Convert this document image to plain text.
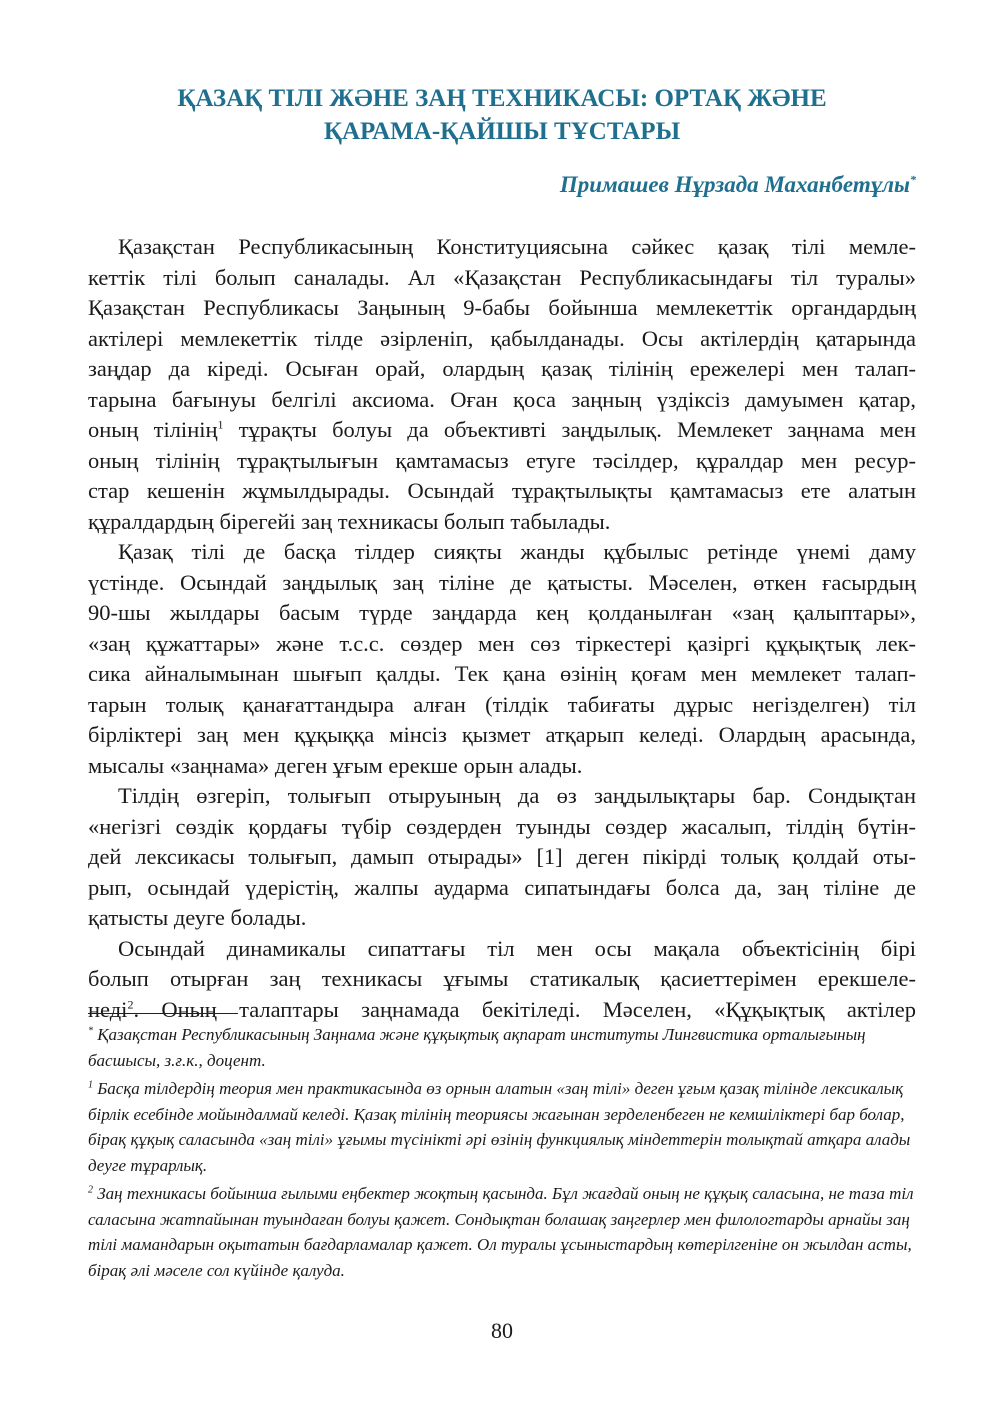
ҚАЗАҚ ТІЛІ ЖӘНЕ ЗАҢ ТЕХНИКАСЫ: ОРТАҚ ЖӘНЕ
ҚАРАМА-ҚАЙШЫ ТҰСТАРЫ
Примашев Нұрзада Маханбетұлы*
Қазақстан Республикасының Конституциясына сәйкес қазақ тілі мемле-
кеттік тілі болып саналады. Ал «Қазақстан Республикасындағы тіл туралы»
Қазақстан Республикасы Заңының 9-бабы бойынша мемлекеттік органдардың
актілері мемлекеттік тілде әзірленіп, қабылданады. Осы актілердің қатарында
заңдар да кіреді. Осыған орай, олардың қазақ тілінің ережелері мен талап-
тарына бағынуы белгілі аксиома. Оған қоса заңның үздіксіз дамуымен қатар,
оның тілінің$^1$ тұрақты болуы да объективті заңдылық. Мемлекет заңнама мен
оның тілінің тұрақтылығын қамтамасыз етуге тәсілдер, құралдар мен ресур-
стар кешенін жұмылдырады. Осындай тұрақтылықты қамтамасыз ете алатын
құралдардың бірегейі заң техникасы болып табылады.
Қазақ тілі де басқа тілдер сияқты жанды құбылыс ретінде үнемі даму
үстінде. Осындай заңдылық заң тіліне де қатысты. Мәселен, өткен ғасырдың
90-шы жылдары басым түрде заңдарда кең қолданылған «заң қалыптары»,
«заң құжаттары» және т.с.с. сөздер мен сөз тіркестері қазіргі құқықтық лек-
сика айналымынан шығып қалды. Тек қана өзінің қоғам мен мемлекет талап-
тарын толық қанағаттандыра алған (тілдік табиғаты дұрыс негізделген) тіл
бірліктері заң мен құқыққа мінсіз қызмет атқарып келеді. Олардың арасында,
мысалы «заңнама» деген ұғым ерекше орын алады.
Тілдің өзгеріп, толығып отыруының да өз заңдылықтары бар. Сондықтан
«негізгі сөздік қордағы түбір сөздерден туынды сөздер жасалып, тілдің бүтін-
дей лексикасы толығып, дамып отырады» [1] деген пікірді толық қолдай оты-
рып, осындай үдерістің, жалпы аударма сипатындағы болса да, заң тіліне де
қатысты деуге болады.
Осындай динамикалы сипаттағы тіл мен осы мақала объектісінің бірі
болып отырған заң техникасы ұғымы статикалық қасиеттерімен ерекшеле-
неді$^2$. Оның талаптары заңнамада бекітіледі. Мәселен, «Құқықтық актілер
* Қазақстан Республикасының Заңнама және құқықтық ақпарат институты Лингвистика орталығының басшысы, з.ғ.к., доцент.
$^1$ Басқа тілдердің теория мен практикасында өз орнын алатын «заң тілі» деген ұғым қазақ тілінде лексикалық бірлік есебінде мойындалмай келеді. Қазақ тілінің теориясы жағынан зерделенбеген не кемшіліктері бар болар, бірақ құқық саласында «заң тілі» ұғымы түсінікті әрі өзінің функциялық міндеттерін толықтай атқара алады деуге тұрарлық.
$^2$ Заң техникасы бойынша ғылыми еңбектер жоқтың қасында. Бұл жағдай оның не құқық саласына, не таза тіл саласына жатпайынан туындаған болуы қажет. Сондықтан болашақ заңгерлер мен филологтарды арнайы заң тілі мамандарын оқытатын бағдарламалар қажет. Ол туралы ұсыныстардың көтерілгеніне он жылдан асты, бірақ әлі мәселе сол күйінде қалуда.
80
